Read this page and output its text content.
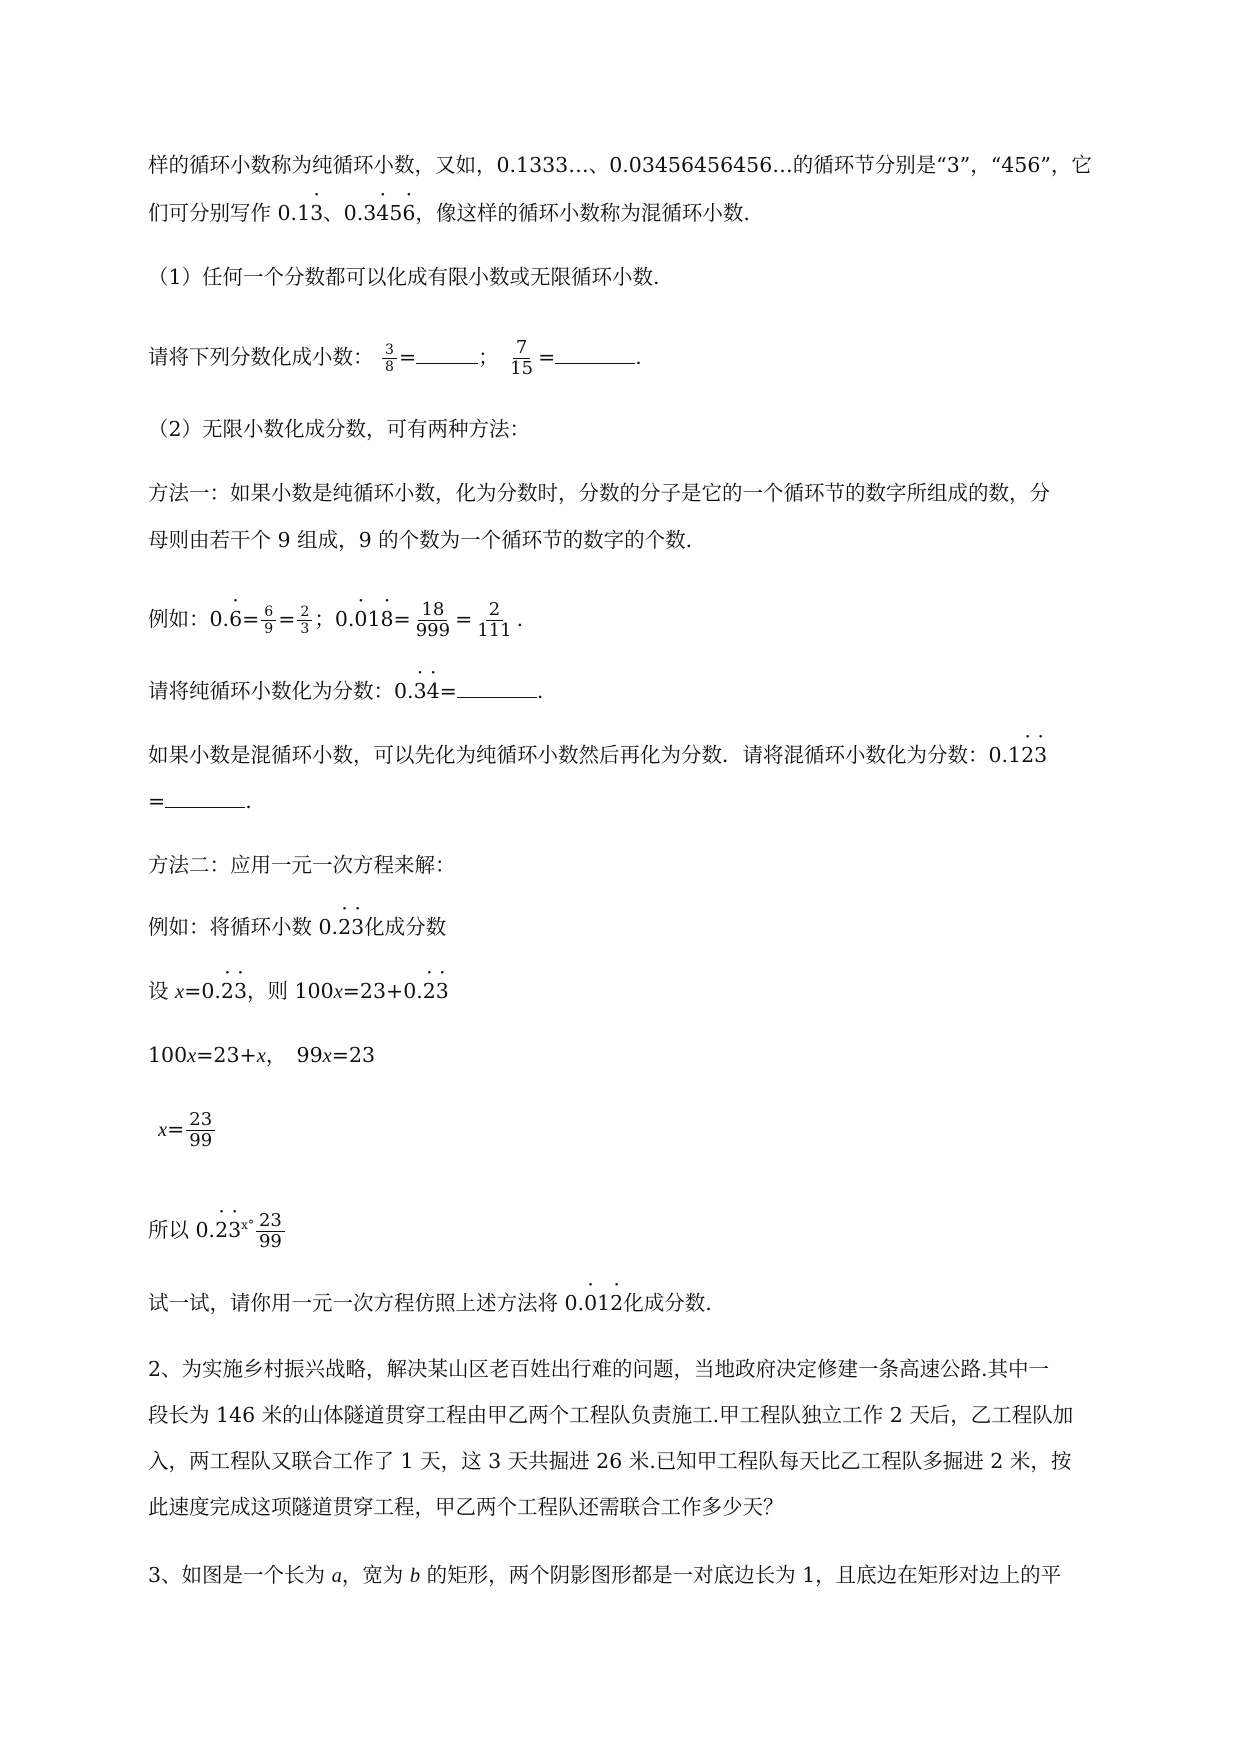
样的循环小数称为纯循环小数，又如，0.1333…、0.03456456456…的循环节分别是“3”，“456”，它
们可分别写作 0.1· 3、0.3· 45· 6，像这样的循环小数称为混循环小数.
（1）任何一个分数都可以化成有限小数或无限循环小数.
请将下列分数化成小数： $\frac{3}{8}$ =	； $\frac{7}{15}$ =	.
（2）无限小数化成分数，可有两种方法：
方法一：如果小数是纯循环小数，化为分数时，分数的分子是它的一个循环节的数字所组成的数，分
母则由若干个 9 组成，9 的个数为一个循环节的数字的个数.
例如：$0.\cdot 6= \frac{6}{9} = \frac{2}{3}$ ；$0.\cdot 01\cdot 8= \frac{18}{999} = \frac{2}{111}$ .
请将纯循环小数化为分数：0.· 3· 4=	.
如果小数是混循环小数，可以先化为纯循环小数然后再化为分数．请将混循环小数化为分数：0.1· 2· 3
=	.
方法二：应用一元一次方程来解：
例如：将循环小数 0.· 2· 3化成分数
设 x=0.· 2· 3，则 100x=23+0.· 2· 3
100x=23+x，　99x=23
$x= \frac{23}{99}$
所以 $0.\cdot 2\cdot 3^{x^\circ} \frac{23}{99}$
试一试，请你用一元一次方程仿照上述方法将 0.· 01· 2化成分数.
2、为实施乡村振兴战略，解决某山区老百姓出行难的问题，当地政府决定修建一条高速公路.其中一
段长为 146 米的山体隧道贯穿工程由甲乙两个工程队负责施工.甲工程队独立工作 2 天后，乙工程队加
入，两工程队又联合工作了 1 天，这 3 天共掘进 26 米.已知甲工程队每天比乙工程队多掘进 2 米，按
此速度完成这项隧道贯穿工程，甲乙两个工程队还需联合工作多少天？
3、如图是一个长为 a，宽为 b 的矩形，两个阴影图形都是一对底边长为 1，且底边在矩形对边上的平
